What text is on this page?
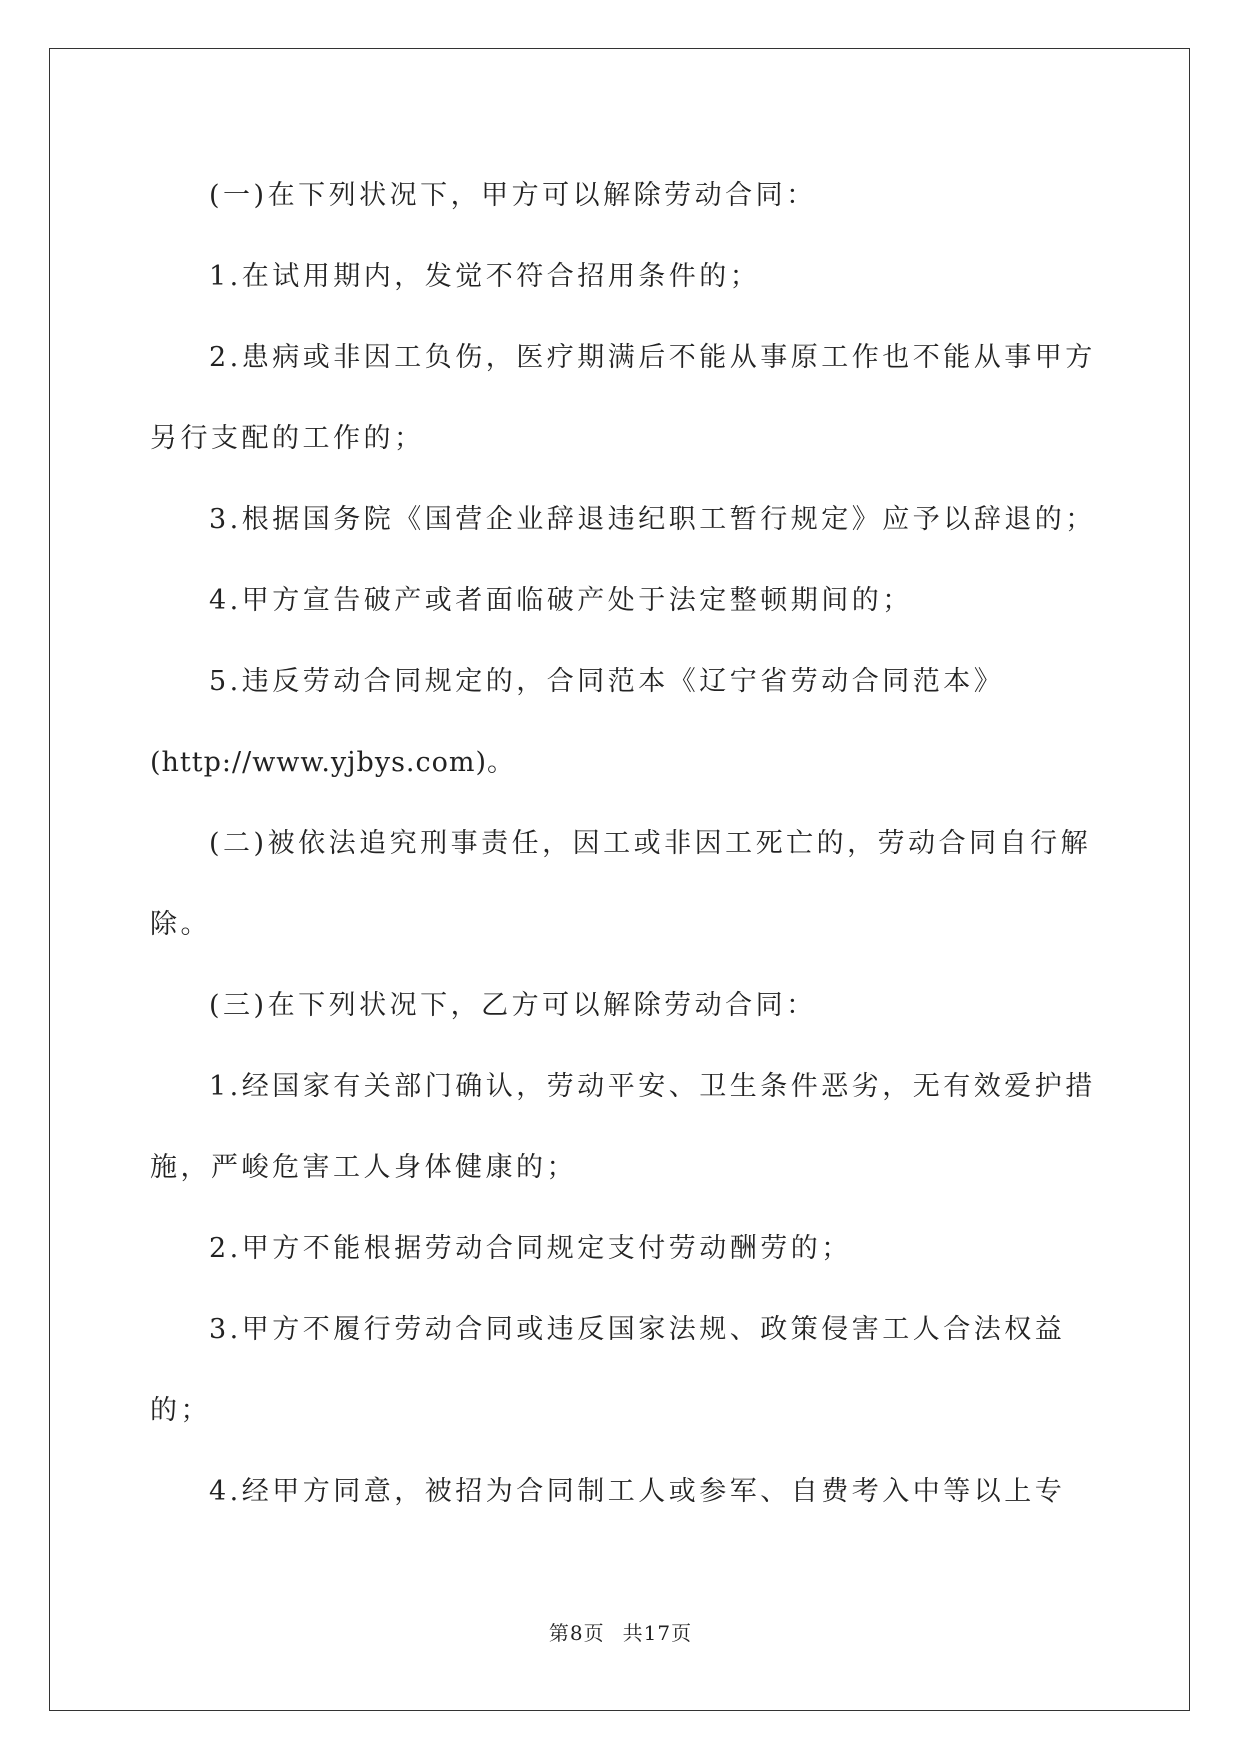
(一)在下列状况下，甲方可以解除劳动合同：

1.在试用期内，发觉不符合招用条件的；

2.患病或非因工负伤，医疗期满后不能从事原工作也不能从事甲方另行支配的工作的；

3.根据国务院《国营企业辞退违纪职工暂行规定》应予以辞退的；

4.甲方宣告破产或者面临破产处于法定整顿期间的；

5.违反劳动合同规定的，合同范本《辽宁省劳动合同范本》

(http://www.yjbys.com)。

(二)被依法追究刑事责任，因工或非因工死亡的，劳动合同自行解除。

(三)在下列状况下，乙方可以解除劳动合同：

1.经国家有关部门确认，劳动平安、卫生条件恶劣，无有效爱护措施，严峻危害工人身体健康的；

2.甲方不能根据劳动合同规定支付劳动酬劳的；

3.甲方不履行劳动合同或违反国家法规、政策侵害工人合法权益的；

4.经甲方同意，被招为合同制工人或参军、自费考入中等以上专

第8页 共17页
